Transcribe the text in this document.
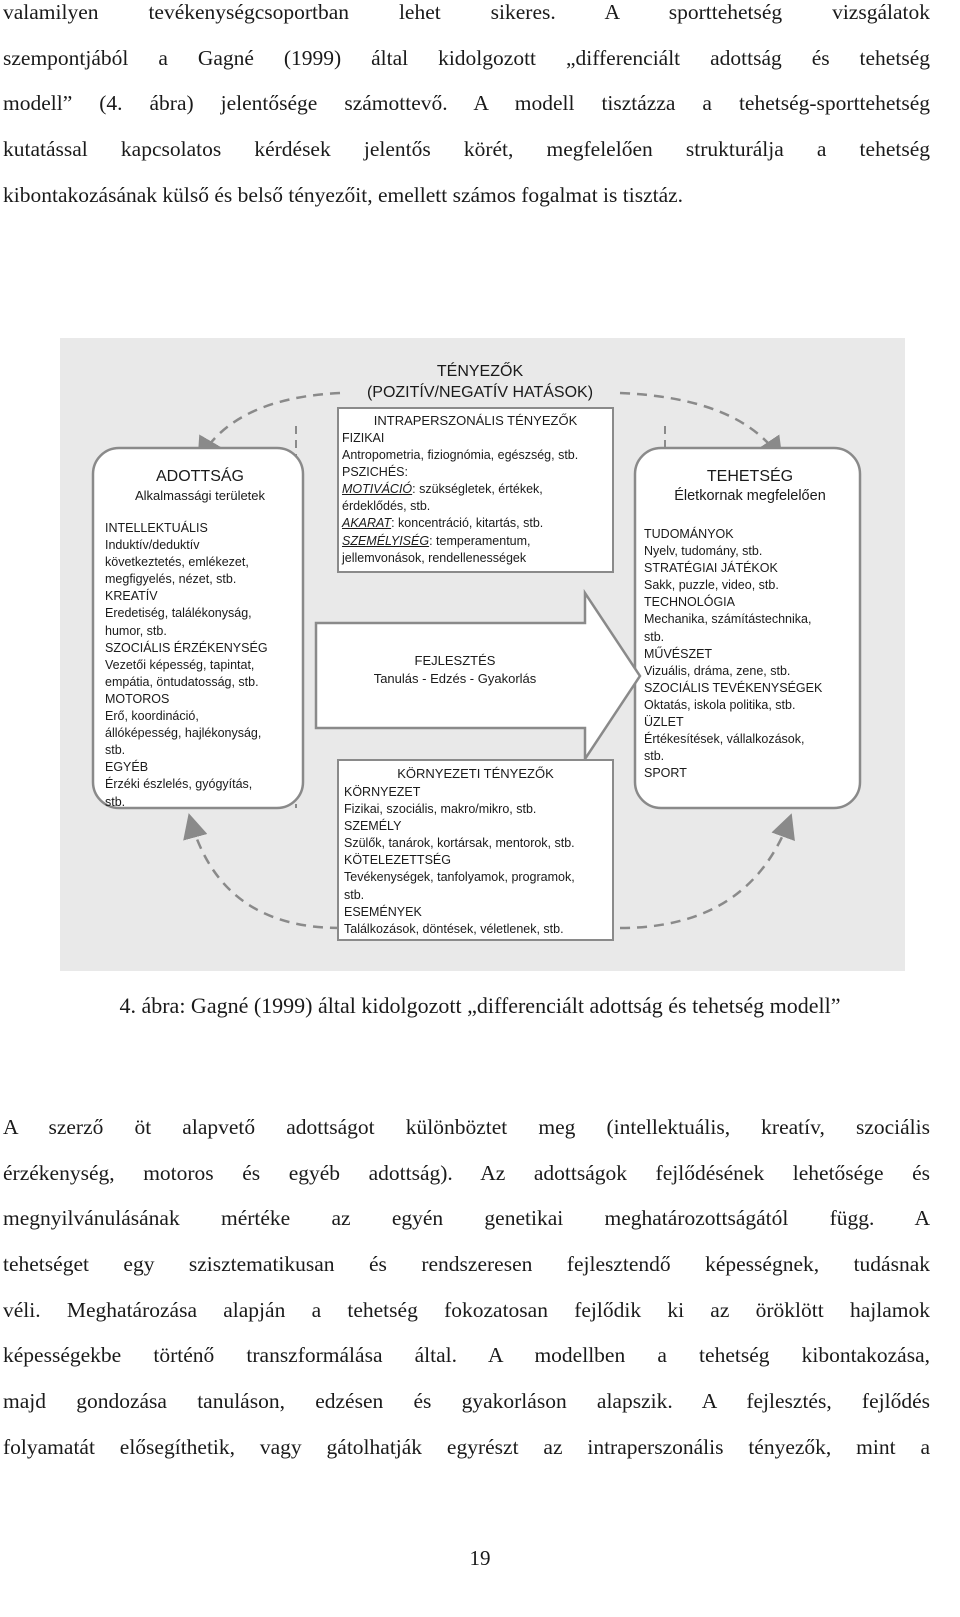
valamilyen tevékenységcsoportban lehet sikeres. A sporttehetség vizsgálatok
szempontjából a Gagné (1999) által kidolgozott „differenciált adottság és tehetség
modell” (4. ábra) jelentősége számottevő. A modell tisztázza a tehetség-sporttehetség
kutatással kapcsolatos kérdések jelentős körét, megfelelően strukturálja a tehetség
kibontakozásának külső és belső tényezőit, emellett számos fogalmat is tisztáz.
TÉNYEZŐK
(POZITÍV/NEGATÍV HATÁSOK)
INTRAPERSZONÁLIS TÉNYEZŐK
FIZIKAI
Antropometria, fiziognómia, egészség, stb.
PSZICHÉS:
MOTIVÁCIÓ: szükségletek, értékek,
érdeklődés, stb.
AKARAT: koncentráció, kitartás, stb.
SZEMÉLYISÉG: temperamentum,
jellemvonások, rendellenességek
ADOTTSÁG
Alkalmassági területek
INTELLEKTUÁLIS
Induktív/deduktív
következtetés, emlékezet,
megfigyelés, nézet, stb.
KREATÍV
Eredetiség, találékonyság,
humor, stb.
SZOCIÁLIS ÉRZÉKENYSÉG
Vezetői képesség, tapintat,
empátia, öntudatosság, stb.
MOTOROS
Erő, koordináció,
állóképesség, hajlékonyság,
stb.
EGYÉB
Érzéki észlelés, gyógyítás,
stb.
TEHETSÉG
Életkornak megfelelően
TUDOMÁNYOK
Nyelv, tudomány, stb.
STRATÉGIAI JÁTÉKOK
Sakk, puzzle, video, stb.
TECHNOLÓGIA
Mechanika, számítástechnika,
stb.
MŰVÉSZET
Vizuális, dráma, zene, stb.
SZOCIÁLIS TEVÉKENYSÉGEK
Oktatás, iskola politika, stb.
ÜZLET
Értékesítések, vállalkozások,
stb.
SPORT
FEJLESZTÉS
Tanulás - Edzés - Gyakorlás
KÖRNYEZETI TÉNYEZŐK
KÖRNYEZET
Fizikai, szociális, makro/mikro, stb.
SZEMÉLY
Szülők, tanárok, kortársak, mentorok, stb.
KÖTELEZETTSÉG
Tevékenységek, tanfolyamok, programok,
stb.
ESEMÉNYEK
Találkozások, döntések, véletlenek, stb.
4. ábra: Gagné (1999) által kidolgozott „differenciált adottság és tehetség modell”
A szerző öt alapvető adottságot különböztet meg (intellektuális, kreatív, szociális
érzékenység, motoros és egyéb adottság). Az adottságok fejlődésének lehetősége és
megnyilvánulásának mértéke az egyén genetikai meghatározottságától függ. A
tehetséget egy szisztematikusan és rendszeresen fejlesztendő képességnek, tudásnak
véli. Meghatározása alapján a tehetség fokozatosan fejlődik ki az öröklött hajlamok
képességekbe történő transzformálása által. A modellben a tehetség kibontakozása,
majd gondozása tanuláson, edzésen és gyakorláson alapszik. A fejlesztés, fejlődés
folyamatát elősegíthetik, vagy gátolhatják egyrészt az intraperszonális tényezők, mint a
19
